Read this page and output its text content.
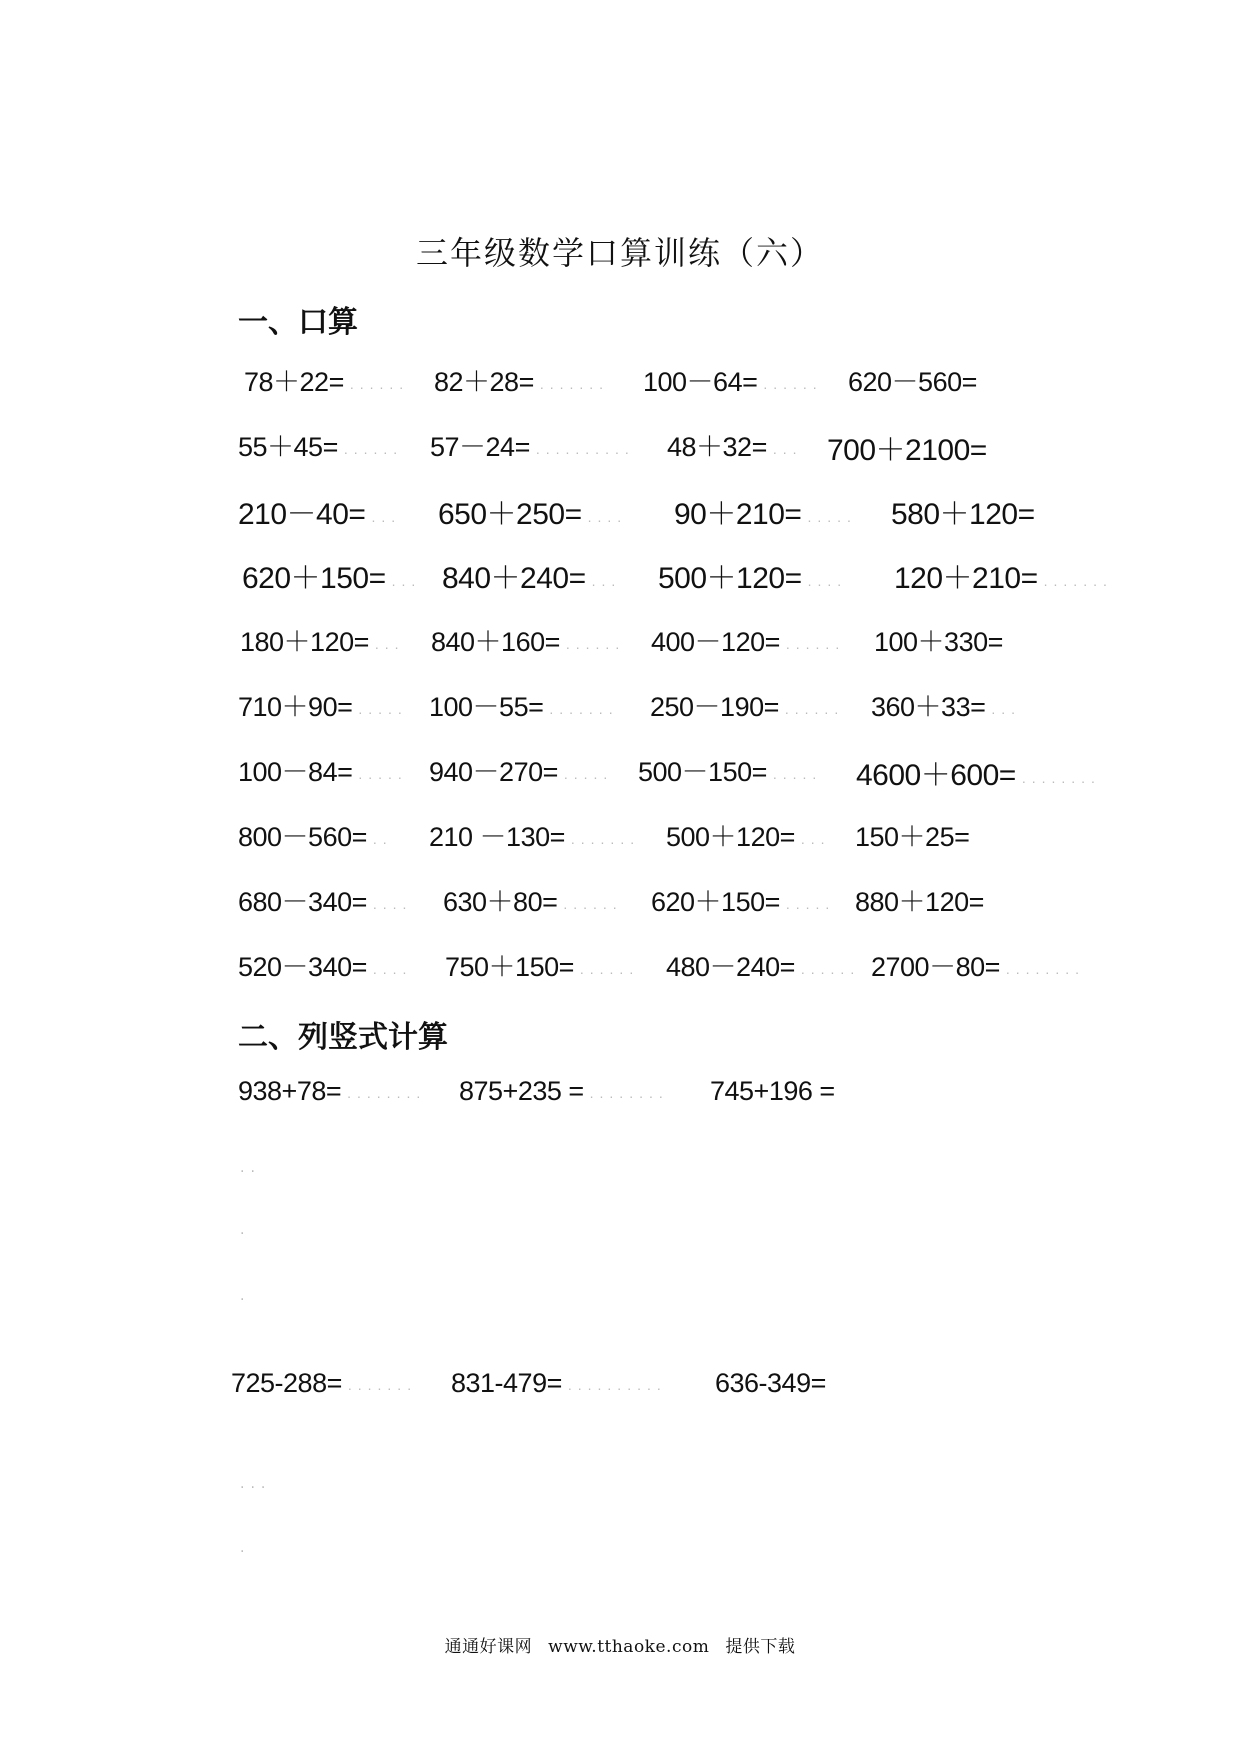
三年级数学口算训练（六）
一、口算
78＋22= ...... 82＋28= ....... 100－64= ...... 620－560=
55＋45= ...... 57－24= .......... 48＋32= ... 700＋2100=
210－40= ... 650＋250= .... 90＋210= ..... 580＋120=
620＋150= ... 840＋240= ... 500＋120= .... 120＋210= .......
180＋120= ... 840＋160= ...... 400－120= ...... 100＋330=
710＋90= ..... 100－55= ....... 250－190= ...... 360＋33= ...
100－84= ..... 940－270= ..... 500－150= ..... 4600＋600= ........
800－560= .. 210 －130= ....... 500＋120= ... 150＋25=
680－340= .... 630＋80= ...... 620＋150= ..... 880＋120=
520－340= .... 750＋150= ...... 480－240= ...... 2700－80= ........
二、列竖式计算
938+78= ........ 875+235 = ........ 745+196 =
..
.
.
725-288= ....... 831-479= .......... 636-349=
...
.
通通好课网 www.tthaoke.com 提供下载
